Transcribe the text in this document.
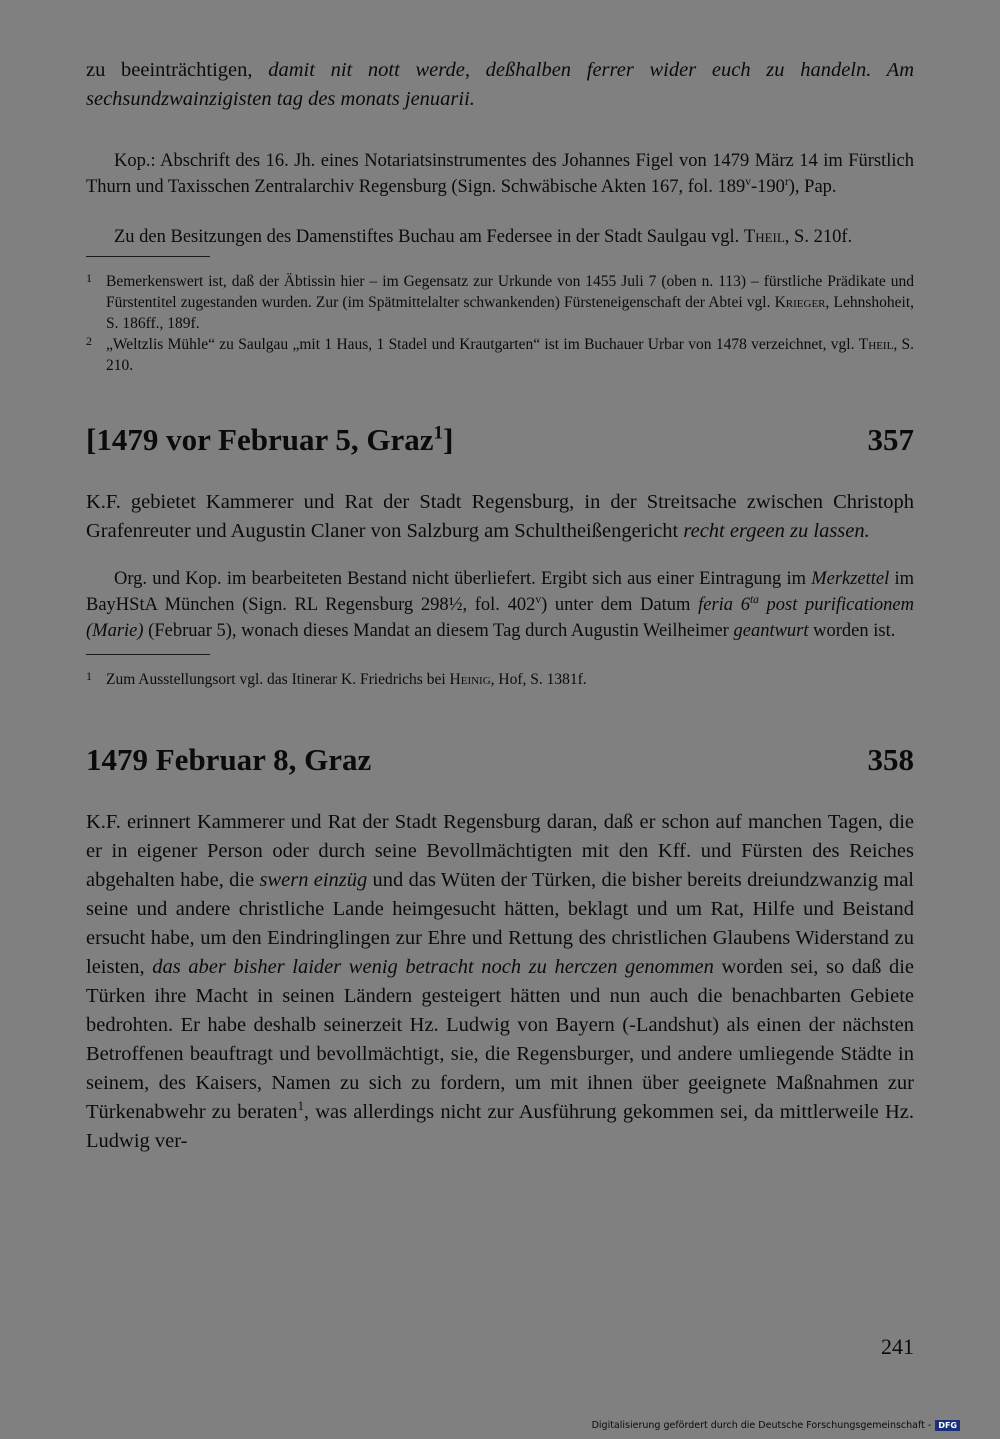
zu beeinträchtigen, damit nit nott werde, deßhalben ferrer wider euch zu handeln. Am sechsundzwainzigisten tag des monats jenuarii.

Kop.: Abschrift des 16. Jh. eines Notariatsinstrumentes des Johannes Figel von 1479 März 14 im Fürstlich Thurn und Taxisschen Zentralarchiv Regensburg (Sign. Schwäbische Akten 167, fol. 189$^v$-190$^r$), Pap.

Zu den Besitzungen des Damenstiftes Buchau am Federsee in der Stadt Saulgau vgl. Theil, S. 210f.

1 Bemerkenswert ist, daß der Äbtissin hier – im Gegensatz zur Urkunde von 1455 Juli 7 (oben n. 113) – fürstliche Prädikate und Fürstentitel zugestanden wurden. Zur (im Spätmittelalter schwankenden) Fürsteneigenschaft der Abtei vgl. Krieger, Lehnshoheit, S. 186ff., 189f.

2 „Weltzlis Mühle“ zu Saulgau „mit 1 Haus, 1 Stadel und Krautgarten“ ist im Buchauer Urbar von 1478 verzeichnet, vgl. Theil, S. 210.

[1479 vor Februar 5, Graz$^1$]	357

K.F. gebietet Kammerer und Rat der Stadt Regensburg, in der Streitsache zwischen Christoph Grafenreuter und Augustin Claner von Salzburg am Schultheißengericht recht ergeen zu lassen.

Org. und Kop. im bearbeiteten Bestand nicht überliefert. Ergibt sich aus einer Eintragung im Merkzettel im BayHStA München (Sign. RL Regensburg 298½, fol. 402$^v$) unter dem Datum feria $6^{ta}$ post purificationem (Marie) (Februar 5), wonach dieses Mandat an diesem Tag durch Augustin Weilheimer geantwurt worden ist.

1 Zum Ausstellungsort vgl. das Itinerar K. Friedrichs bei Heinig, Hof, S. 1381f.

1479 Februar 8, Graz	358

K.F. erinnert Kammerer und Rat der Stadt Regensburg daran, daß er schon auf manchen Tagen, die er in eigener Person oder durch seine Bevollmächtigten mit den Kff. und Fürsten des Reiches abgehalten habe, die swern einzüg und das Wüten der Türken, die bisher bereits dreiundzwanzig mal seine und andere christliche Lande heimgesucht hätten, beklagt und um Rat, Hilfe und Beistand ersucht habe, um den Eindringlingen zur Ehre und Rettung des christlichen Glaubens Widerstand zu leisten, das aber bisher laider wenig betracht noch zu herczen genommen worden sei, so daß die Türken ihre Macht in seinen Ländern gesteigert hätten und nun auch die benachbarten Gebiete bedrohten. Er habe deshalb seinerzeit Hz. Ludwig von Bayern (-Landshut) als einen der nächsten Betroffenen beauftragt und bevollmächtigt, sie, die Regensburger, und andere umliegende Städte in seinem, des Kaisers, Namen zu sich zu fordern, um mit ihnen über geeignete Maßnahmen zur Türkenabwehr zu beraten$^1$, was allerdings nicht zur Ausführung gekommen sei, da mittlerweile Hz. Ludwig ver-

241
Digitalisierung gefördert durch die Deutsche Forschungsgemeinschaft - DFG
